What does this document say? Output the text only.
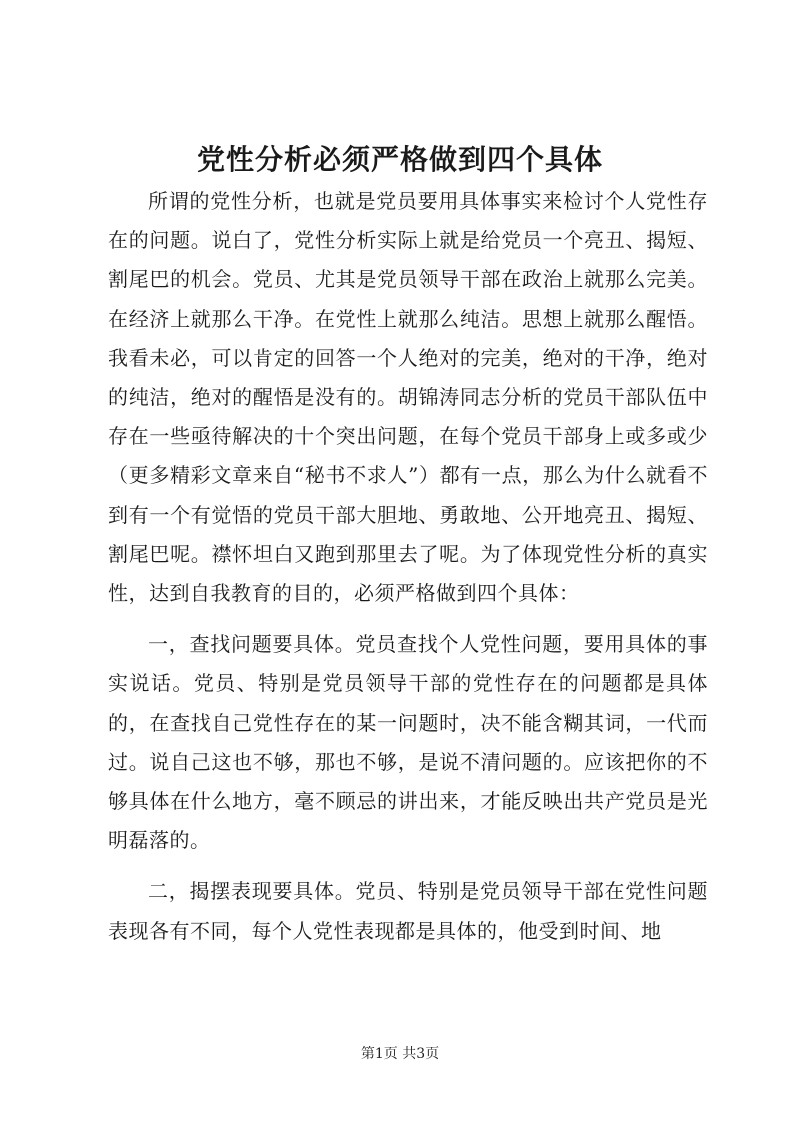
党性分析必须严格做到四个具体

所谓的党性分析，也就是党员要用具体事实来检讨个人党性存在的问题。说白了，党性分析实际上就是给党员一个亮丑、揭短、割尾巴的机会。党员、尤其是党员领导干部在政治上就那么完美。在经济上就那么干净。在党性上就那么纯洁。思想上就那么醒悟。我看未必，可以肯定的回答一个人绝对的完美，绝对的干净，绝对的纯洁，绝对的醒悟是没有的。胡锦涛同志分析的党员干部队伍中存在一些亟待解决的十个突出问题，在每个党员干部身上或多或少（更多精彩文章来自“秘书不求人”）都有一点，那么为什么就看不到有一个有觉悟的党员干部大胆地、勇敢地、公开地亮丑、揭短、割尾巴呢。襟怀坦白又跑到那里去了呢。为了体现党性分析的真实性，达到自我教育的目的，必须严格做到四个具体：

一，查找问题要具体。党员查找个人党性问题，要用具体的事实说话。党员、特别是党员领导干部的党性存在的问题都是具体的，在查找自己党性存在的某一问题时，决不能含糊其词，一代而过。说自己这也不够，那也不够，是说不清问题的。应该把你的不够具体在什么地方，毫不顾忌的讲出来，才能反映出共产党员是光明磊落的。

二，揭摆表现要具体。党员、特别是党员领导干部在党性问题表现各有不同，每个人党性表现都是具体的，他受到时间、地

第1页 共3页
